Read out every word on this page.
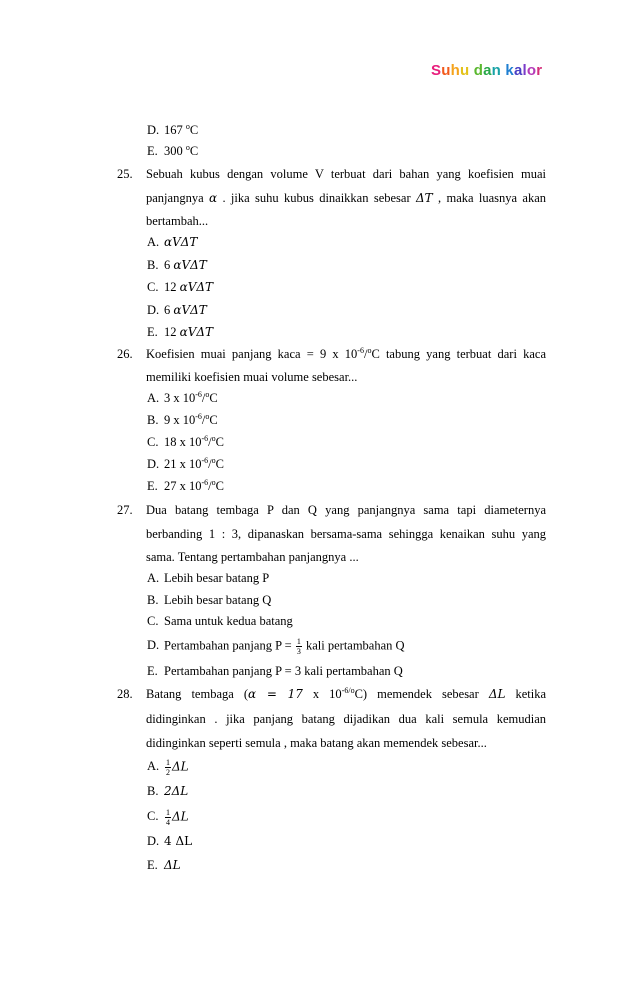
Suhu dan kalor
D. 167 $^o$C
E. 300 $^o$C
25. Sebuah kubus dengan volume V terbuat dari bahan yang koefisien muai
panjangnya α . jika suhu kubus dinaikkan sebesar ΔT , maka luasnya akan
bertambah...
A. αVΔT
B. 6 αVΔT
C. 12 αVΔT
D. 6 αVΔT
E. 12 αVΔT
26. Koefisien muai panjang kaca = 9 x $10^{-6}/^oC$ tabung yang terbuat dari kaca
memiliki koefisien muai volume sebesar...
A. 3 x $10^{-6}/^oC$
B. 9 x $10^{-6}/^oC$
C. 18 x $10^{-6}/^oC$
D. 21 x $10^{-6}/^oC$
E. 27 x $10^{-6}/^oC$
27. Dua batang tembaga P dan Q yang panjangnya sama tapi diameternya
berbanding 1 : 3, dipanaskan bersama-sama sehingga kenaikan suhu yang
sama. Tentang pertambahan panjangnya ...
A. Lebih besar batang P
B. Lebih besar batang Q
C. Sama untuk kedua batang
D. Pertambahan panjang $P = \frac{1}{3}$ kali pertambahan Q
E. Pertambahan panjang P = 3 kali pertambahan Q
28. Batang tembaga (α = 17 x $10^{-6/o}C$) memendek sebesar ΔL ketika
didinginkan . jika panjang batang dijadikan dua kali semula kemudian
didinginkan seperti semula , maka batang akan memendek sebesar...
A. $\frac{1}{2}$ ΔL
B. 2ΔL
C. $\frac{1}{4}$ ΔL
D. 4 ΔL
E. ΔL
